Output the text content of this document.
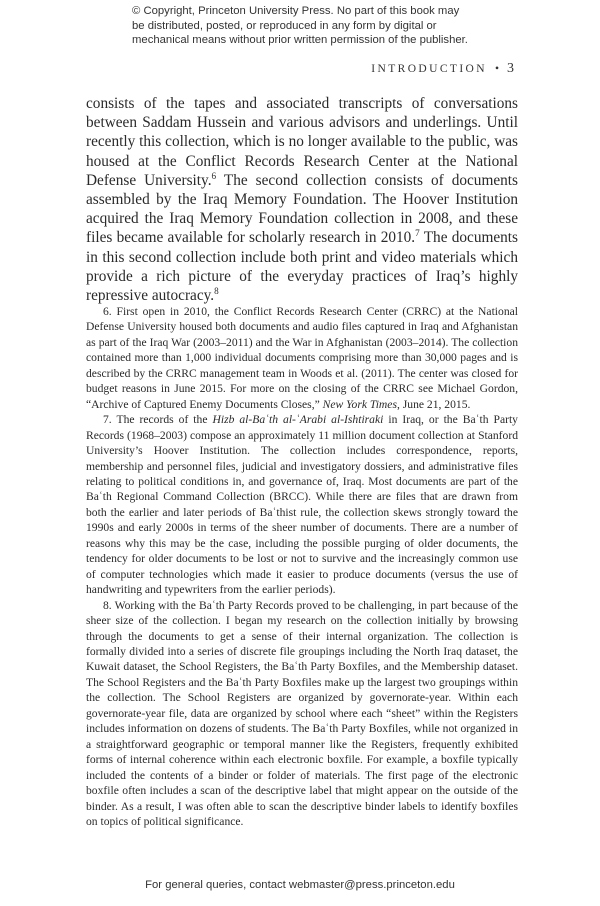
© Copyright, Princeton University Press. No part of this book may be distributed, posted, or reproduced in any form by digital or mechanical means without prior written permission of the publisher.
INTRODUCTION • 3

consists of the tapes and associated transcripts of conversations between Saddam Hussein and various advisors and underlings. Until recently this collection, which is no longer available to the public, was housed at the Conflict Records Research Center at the National Defense University.$^6$ The second collection consists of documents assembled by the Iraq Memory Foundation. The Hoover Institution acquired the Iraq Memory Foundation collection in 2008, and these files became available for scholarly research in 2010.$^7$ The documents in this second collection include both print and video materials which provide a rich picture of the everyday practices of Iraq’s highly repressive autocracy.$^8$

6. First open in 2010, the Conflict Records Research Center (CRRC) at the National Defense University housed both documents and audio files captured in Iraq and Afghanistan as part of the Iraq War (2003–2011) and the War in Afghanistan (2003–2014). The collection contained more than 1,000 individual documents comprising more than 30,000 pages and is described by the CRRC management team in Woods et al. (2011). The center was closed for budget reasons in June 2015. For more on the closing of the CRRC see Michael Gordon, “Archive of Captured Enemy Documents Closes,” New York Times, June 21, 2015.

7. The records of the Hizb al-Baʿth al-ʿArabi al-Ishtiraki in Iraq, or the Baʿth Party Records (1968–2003) compose an approximately 11 million document collection at Stanford University’s Hoover Institution. The collection includes correspondence, reports, membership and personnel files, judicial and investigatory dossiers, and administrative files relating to political conditions in, and governance of, Iraq. Most documents are part of the Baʿth Regional Command Collection (BRCC). While there are files that are drawn from both the earlier and later periods of Baʿthist rule, the collection skews strongly toward the 1990s and early 2000s in terms of the sheer number of documents. There are a number of reasons why this may be the case, including the possible purging of older documents, the tendency for older documents to be lost or not to survive and the increasingly common use of computer technologies which made it easier to produce documents (versus the use of handwriting and typewriters from the earlier periods).

8. Working with the Baʿth Party Records proved to be challenging, in part because of the sheer size of the collection. I began my research on the collection initially by browsing through the documents to get a sense of their internal organization. The collection is formally divided into a series of discrete file groupings including the North Iraq dataset, the Kuwait dataset, the School Registers, the Baʿth Party Boxfiles, and the Membership dataset. The School Registers and the Baʿth Party Boxfiles make up the largest two groupings within the collection. The School Registers are organized by governorate-year. Within each governorate-year file, data are organized by school where each “sheet” within the Registers includes information on dozens of students. The Baʿth Party Boxfiles, while not organized in a straightforward geographic or temporal manner like the Registers, frequently exhibited forms of internal coherence within each electronic boxfile. For example, a boxfile typically included the contents of a binder or folder of materials. The first page of the electronic boxfile often includes a scan of the descriptive label that might appear on the outside of the binder. As a result, I was often able to scan the descriptive binder labels to identify boxfiles on topics of political significance.

For general queries, contact webmaster@press.princeton.edu
